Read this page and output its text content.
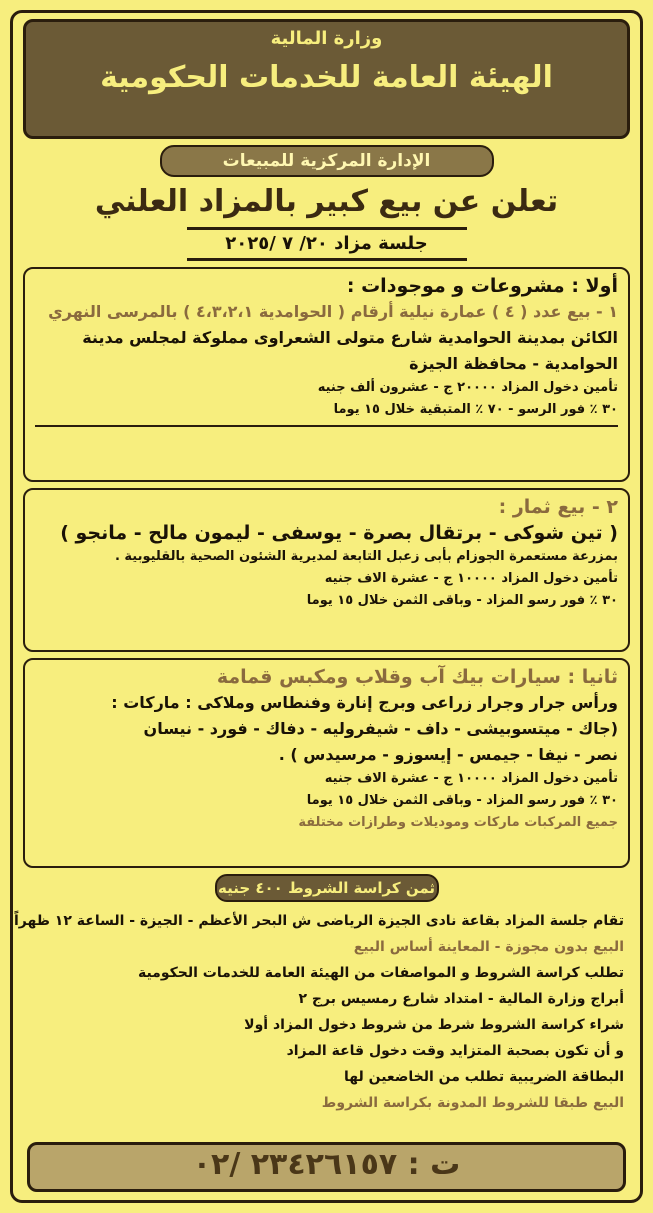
وزارة المالية
الهيئة العامة للخدمات الحكومية
الإدارة المركزية للمبيعات
تعلن عن بيع كبير بالمزاد العلني
جلسة مزاد ٢٠/ ٧ /٢٠٢٥
أولا : مشروعات و موجودات :
١ - بيع عدد ( ٤ ) عمارة نيلية أرقام ( الحوامدية ٤،٣،٢،١ ) بالمرسى النهري
الكائن بمدينة الحوامدية شارع متولى الشعراوى مملوكة لمجلس مدينة
الحوامدية - محافظة الجيزة
تأمين دخول المزاد ٢٠٠٠٠ ج - عشرون ألف جنيه
٣٠ ٪ فور الرسو - ٧٠ ٪ المتبقية خلال ١٥ يوما
٢ - بيع ثمار :
( تين شوكى - برتقال بصرة - يوسفى - ليمون مالح - مانجو )
بمزرعة مستعمرة الجوزام بأبى زعبل التابعة لمديرية الشئون الصحية بالقليوبية .
تأمين دخول المزاد ١٠٠٠٠ ج - عشرة الاف جنيه
٣٠ ٪ فور رسو المزاد - وباقى الثمن خلال ١٥ يوما
ثانيا : سيارات بيك آب وقلاب ومكبس قمامة
ورأس جرار وجرار زراعى وبرج إنارة وفنطاس وملاكى : ماركات :
(جاك - ميتسوبيشى - داف - شيفروليه - دفاك - فورد - نيسان
نصر - نيفا - جيمس - إيسوزو - مرسيدس ) .
تأمين دخول المزاد ١٠٠٠٠ ج - عشرة الاف جنيه
٣٠ ٪ فور رسو المزاد - وباقى الثمن خلال ١٥ يوما
جميع المركبات ماركات وموديلات وطرازات مختلفة
ثمن كراسة الشروط ٤٠٠ جنيه
تقام جلسة المزاد بقاعة نادى الجيزة الرياضى ش البحر الأعظم - الجيزة - الساعة ١٢ ظهراً
البيع بدون مجوزة - المعاينة أساس البيع
تطلب كراسة الشروط و المواصفات من الهيئة العامة للخدمات الحكومية
أبراج وزارة المالية - امتداد شارع رمسيس برج ٢
شراء كراسة الشروط شرط من شروط دخول المزاد أولا
و أن تكون بصحبة المتزايد وقت دخول قاعة المزاد
البطاقة الضريبية تطلب من الخاضعين لها
البيع طبقا للشروط المدونة بكراسة الشروط
ت : ٢٣٤٢٦١٥٧ /٠٢
